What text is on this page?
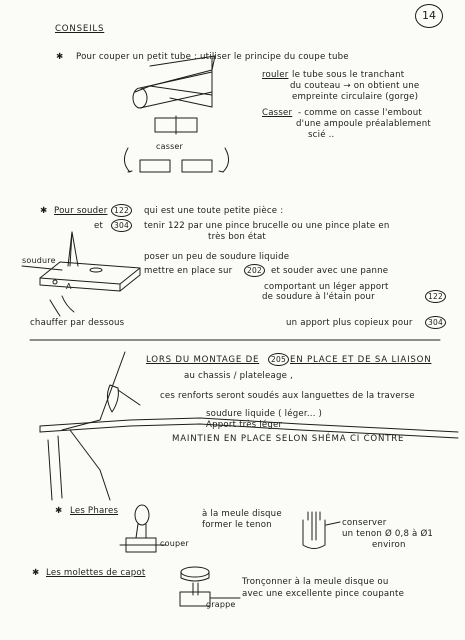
14
CONSEILS
✱ Pour couper un petit tube : utiliser le principe du coupe tube
rouler le tube sous le tranchant
du couteau → on obtient une
empreinte circulaire (gorge)
Casser - comme on casse l'embout
d'une ampoule préalablement
scié ..
casser
✱ Pour souder 122
et	304
qui est une toute petite pièce :
tenir 122 par une pince brucelle ou une pince plate en
très bon état
poser un peu de soudure liquide
mettre en place sur	202	et souder avec une panne
comportant un léger apport
de soudure à l'étain pour	122
un apport plus copieux pour	304
soudure
A
chauffer par dessous
LORS DU MONTAGE DE	205 EN PLACE ET DE SA LIAISON
au chassis / plateleage ,
ces renforts seront soudés aux languettes de la traverse
soudure liquide ( léger... )
Apport très léger
MAINTIEN EN PLACE SELON SHÉMA CI CONTRE
✱ Les Phares	à la meule disque
former le tenon
couper
conserver
un tenon Ø 0,8 à Ø1
environ
✱ Les molettes de capot
Tronçonner à la meule disque ou
avec une excellente pince coupante
grappe
